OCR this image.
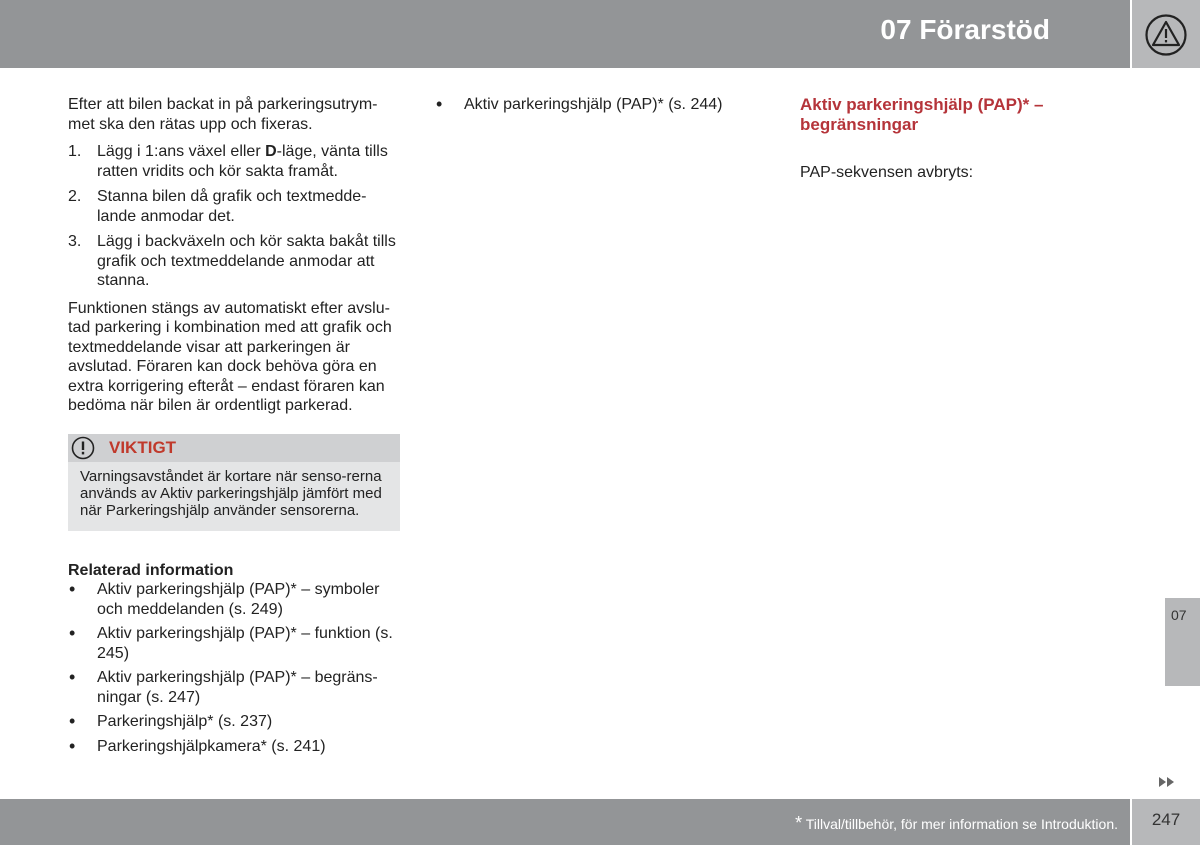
07 Förarstöd

Efter att bilen backat in på parkeringsutrym-met ska den rätas upp och fixeras.

1. Lägg i 1:ans växel eller D-läge, vänta tills ratten vridits och kör sakta framåt.
2. Stanna bilen då grafik och textmedde-lande anmodar det.
3. Lägg i backväxeln och kör sakta bakåt tills grafik och textmeddelande anmodar att stanna.

Funktionen stängs av automatiskt efter avslu-tad parkering i kombination med att grafik och textmeddelande visar att parkeringen är avslutad. Föraren kan dock behöva göra en extra korrigering efteråt – endast föraren kan bedöma när bilen är ordentligt parkerad.

VIKTIGT
Varningsavståndet är kortare när senso-rerna används av Aktiv parkeringshjälp jämfört med när Parkeringshjälp använder sensorerna.
Relaterad information
• Aktiv parkeringshjälp (PAP)* – symboler och meddelanden (s. 249)
• Aktiv parkeringshjälp (PAP)* – funktion (s. 245)
• Aktiv parkeringshjälp (PAP)* – begräns-ningar (s. 247)
• Parkeringshjälp* (s. 237)
• Parkeringshjälpkamera* (s. 241)
• Aktiv parkeringshjälp (PAP)* (s. 244)	Aktiv parkeringshjälp (PAP)* – begränsningar

PAP-sekvensen avbryts:

07
* Tillval/tillbehör, för mer information se Introduktion.	247
